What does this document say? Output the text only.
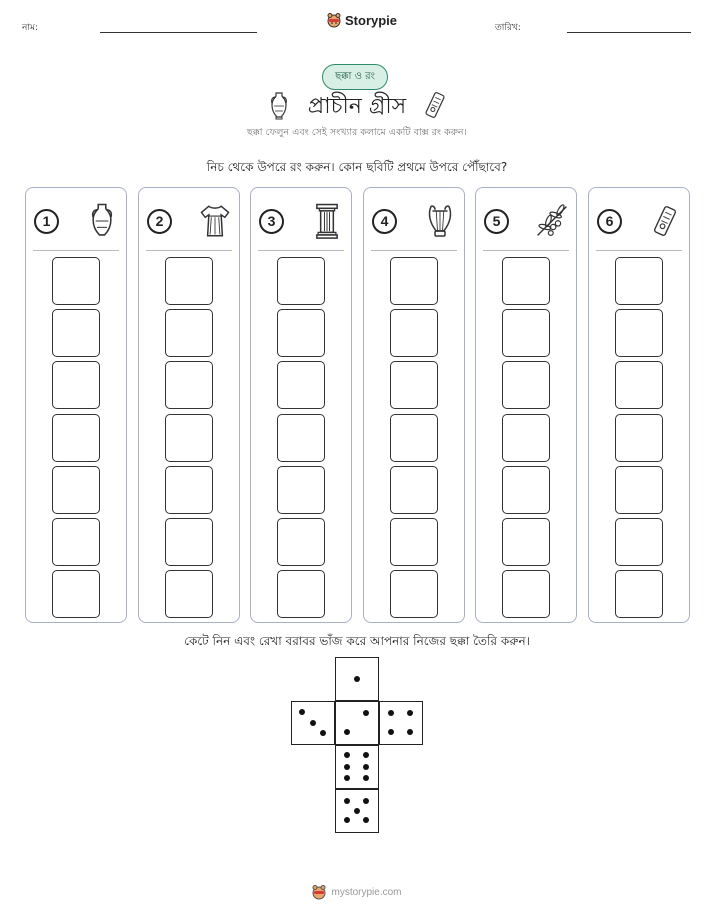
নাম:
Storypie
তারিখ:
ছক্কা ও রং
প্রাচীন গ্রীস
ছক্কা ফেলুন এবং সেই সংখ্যার কলামে একটি বাক্স রং করুন।
নিচ থেকে উপরে রং করুন। কোন ছবিটি প্রথমে উপরে পৌঁছাবে?
1	2	3	4	5	6
কেটে নিন এবং রেখা বরাবর ভাঁজ করে আপনার নিজের ছক্কা তৈরি করুন।
mystorypie.com
